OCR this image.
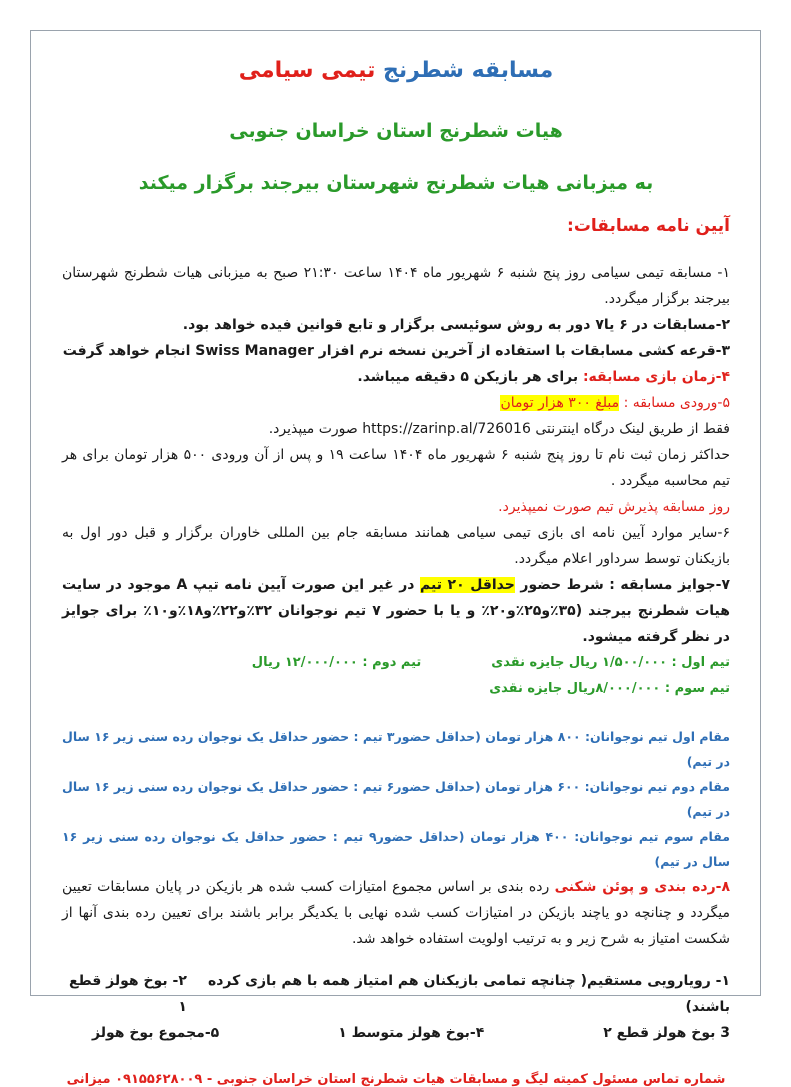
مسابقه شطرنج تیمی سیامی
هیات شطرنج استان خراسان جنوبی
به میزبانی هیات شطرنج شهرستان بیرجند برگزار میکند
آیین نامه مسابقات:

۱- مسابقه تیمی سیامی روز پنج شنبه ۶ شهریور ماه ۱۴۰۴ ساعت ۲۱:۳۰ صبح به میزبانی هیات شطرنج شهرستان بیرجند برگزار میگردد.

۲-مسابقات در ۶ یا۷ دور به روش سوئیسی برگزار و تابع قوانین فیده خواهد بود.

۳-قرعه کشی مسابقات با استفاده از آخرین نسخه نرم افزار Swiss Manager انجام خواهد گرفت

۴-زمان بازی مسابقه: برای هر بازیکن ۵ دقیقه میباشد.

۵-ورودی مسابقه : مبلغ ۳۰۰ هزار تومان

فقط از طریق لینک درگاه اینترنتی https://zarinp.al/726016 صورت میپذیرد.

حداکثر زمان ثبت نام تا روز پنج شنبه ۶ شهریور ماه ۱۴۰۴ ساعت ۱۹ و پس از آن ورودی ۵۰۰ هزار تومان برای هر تیم محاسبه میگردد .

روز مسابقه پذیرش تیم صورت نمیپذیرد.

۶-سایر موارد آیین نامه ای بازی تیمی سیامی همانند مسابقه جام بین المللی خاوران برگزار و قبل دور اول به بازیکنان توسط سرداور اعلام میگردد.

۷-جوایز مسابقه : شرط حضور حداقل ۲۰ تیم در غیر این صورت آیین نامه تیپ A موجود در سایت هیات شطرنج بیرجند (۳۵٪و۲۵٪و۲۰٪ و یا با حضور ۷ تیم نوجوانان ۳۲٪و۲۲٪و۱۸٪و۱۰٪ برای جوایز در نظر گرفته میشود.

تیم اول : ۱/۵۰۰/۰۰۰ ریال جایزه نقدی

تیم دوم : ۱۲/۰۰۰/۰۰۰ ریال

تیم سوم : ۸/۰۰۰/۰۰۰ریال جایزه نقدی

مقام اول تیم نوجوانان: ۸۰۰ هزار تومان (حداقل حضور۳ تیم : حضور حداقل یک نوجوان رده سنی زیر ۱۶ سال در تیم)

مقام دوم تیم نوجوانان: ۶۰۰ هزار تومان (حداقل حضور۶ تیم : حضور حداقل یک نوجوان رده سنی زیر ۱۶ سال در تیم)

مقام سوم تیم نوجوانان: ۴۰۰ هزار تومان (حداقل حضور۹ تیم : حضور حداقل یک نوجوان رده سنی زیر ۱۶ سال در تیم)

۸-رده بندی و پوئن شکنی رده بندی بر اساس مجموع امتیازات کسب شده هر بازیکن در پایان مسابقات تعیین میگردد و چنانچه دو یاچند بازیکن در امتیازات کسب شده نهایی با یکدیگر برابر باشند برای تعیین رده بندی آنها از شکست امتیاز به شرح زیر و به ترتیب اولویت استفاده خواهد شد.

۱- رویارویی مستقیم( چنانچه تمامی بازیکنان هم امتیاز همه با هم بازی کرده باشند)
۲- بوخ هولز قطع ۱
3 بوخ هولز قطع ۲
۴-بوخ هولز متوسط ۱
۵-مجموع بوخ هولز
شماره تماس مسئول کمیته لیگ و مسابقات هیات شطرنج استان خراسان جنوبی - ۰۹۱۵۵۶۲۸۰۰۹ میزانی
